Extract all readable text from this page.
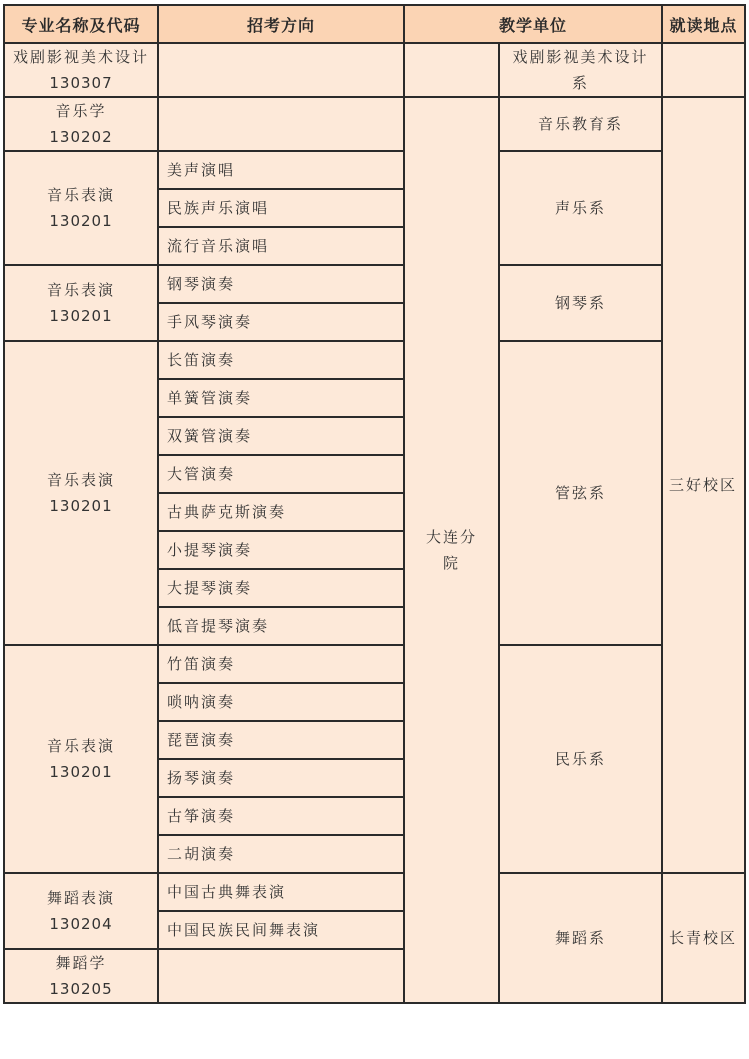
专业名称及代码	招考方向	教学单位		就读地点
戏剧影视美术设计
130307			戏剧影视美术设计系	
音乐学
130202		大连分院	音乐教育系	三好校区
音乐表演
130201	美声演唱		声乐系	
	民族声乐演唱			
	流行音乐演唱			
音乐表演
130201	钢琴演奏		钢琴系	
	手风琴演奏			
音乐表演
130201	长笛演奏		管弦系	
	单簧管演奏			
	双簧管演奏			
	大管演奏			
	古典萨克斯演奏			
	小提琴演奏			
	大提琴演奏			
	低音提琴演奏			
音乐表演
130201	竹笛演奏		民乐系	
	唢呐演奏			
	琵琶演奏			
	扬琴演奏			
	古筝演奏			
	二胡演奏			
舞蹈表演
130204	中国古典舞表演		舞蹈系	长青校区
	中国民族民间舞表演			
舞蹈学
130205				
